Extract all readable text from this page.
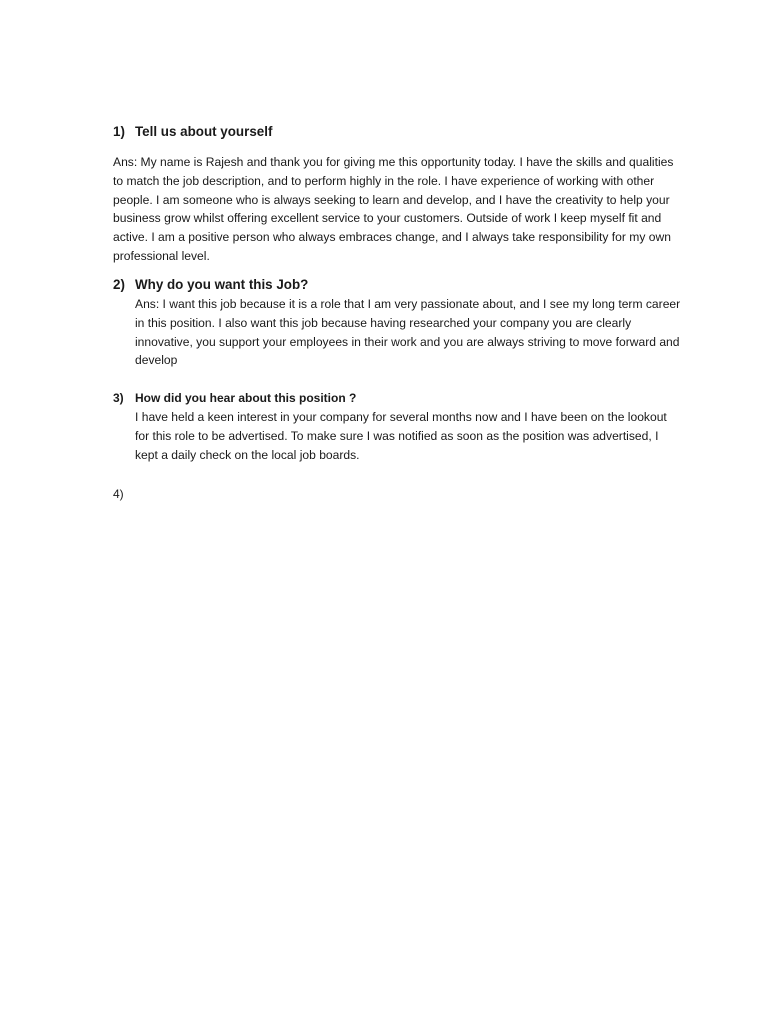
1) Tell us about yourself

Ans: My name is Rajesh and thank you for giving me this opportunity today. I have the skills and qualities to match the job description, and to perform highly in the role. I have experience of working with other people. I am someone who is always seeking to learn and develop, and I have the creativity to help your business grow whilst offering excellent service to your customers. Outside of work I keep myself fit and active. I am a positive person who always embraces change, and I always take responsibility for my own professional level.

2) Why do you want this Job?

Ans: I want this job because it is a role that I am very passionate about, and I see my long term career in this position. I also want this job because having researched your company you are clearly innovative, you support your employees in their work and you are always striving to move forward and develop

3) How did you hear about this position ?

I have held a keen interest in your company for several months now and I have been on the lookout for this role to be advertised. To make sure I was notified as soon as the position was advertised, I kept a daily check on the local job boards.

4)
